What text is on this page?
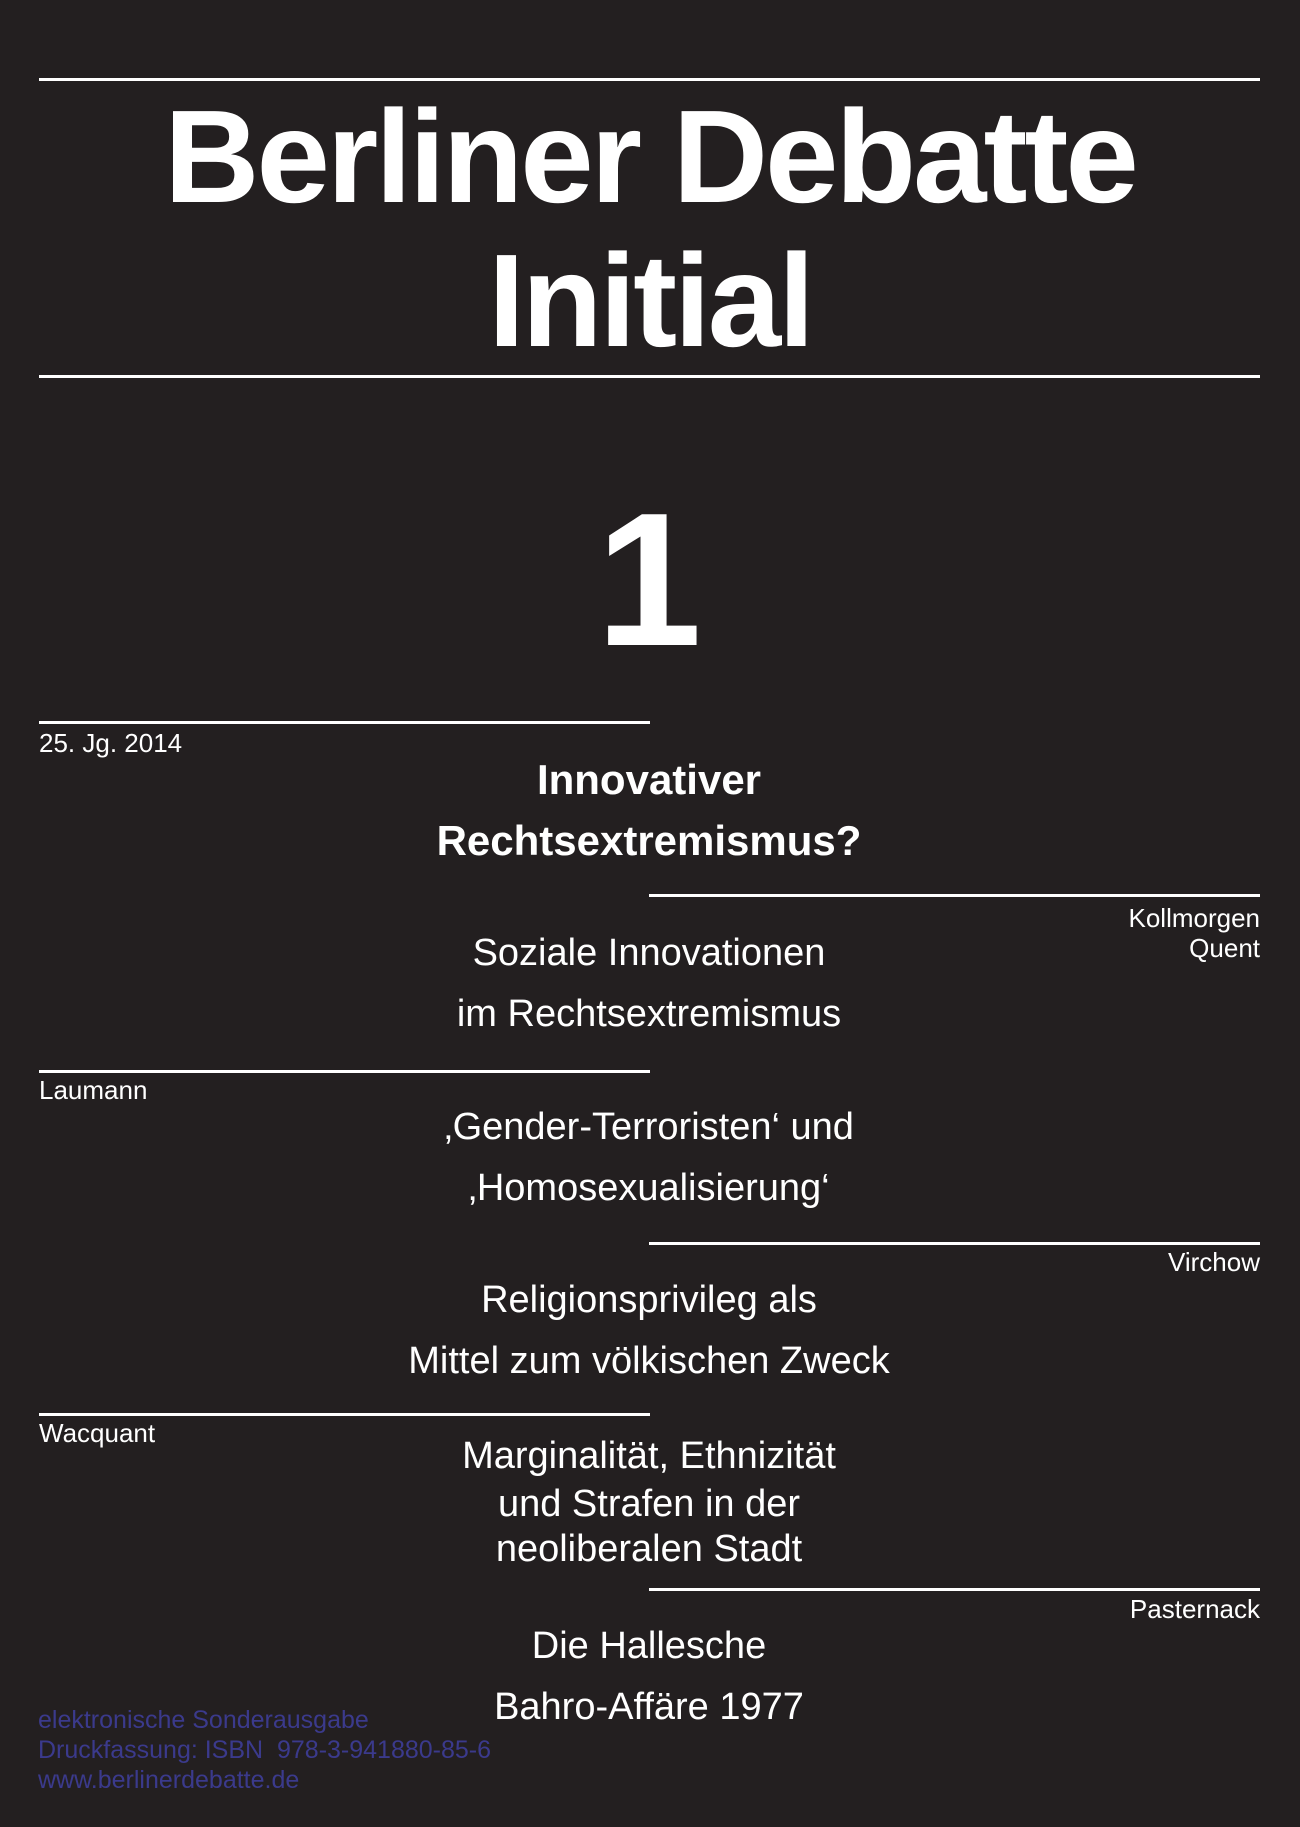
Berliner Debatte
Initial
1
25. Jg. 2014
Innovativer
Rechtsextremismus?
Kollmorgen
Quent
Soziale Innovationen
im Rechtsextremismus
Laumann
‚Gender-Terroristen‘ und
‚Homosexualisierung‘
Virchow
Religionsprivileg als
Mittel zum völkischen Zweck
Wacquant
Marginalität, Ethnizität
und Strafen in der
neoliberalen Stadt
Pasternack
Die Hallesche
Bahro-Affäre 1977
elektronische Sonderausgabe
Druckfassung: ISBN  978-3-941880-85-6
www.berlinerdebatte.de
